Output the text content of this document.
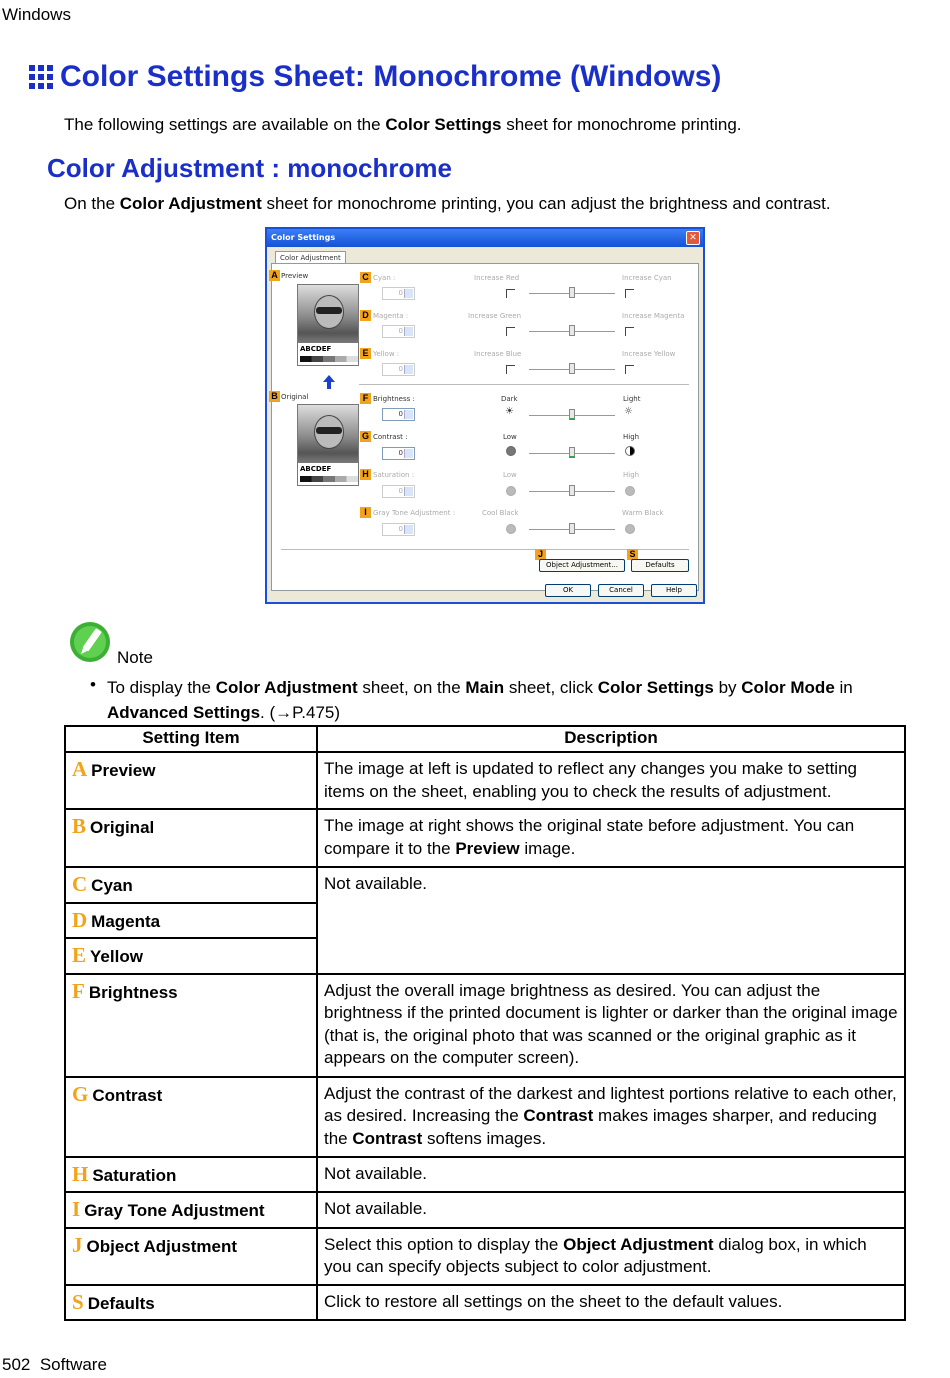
Windows
Color Settings Sheet: Monochrome (Windows)
The following settings are available on the Color Settings sheet for monochrome printing.
Color Adjustment : monochrome
On the Color Adjustment sheet for monochrome printing, you can adjust the brightness and contrast.
Color Settings	✕
Color Adjustment
A Preview
ABCDEF
B Original
ABCDEF
C Cyan :
0
Increase Red	Increase Cyan
D Magenta :
0
Increase Green	Increase Magenta
E Yellow :
0
Increase Blue	Increase Yellow
F Brightness :
0
Dark	Light
☀	☼
G Contrast :
0
Low	High
H Saturation :
0
Low	High
I Gray Tone Adjustment :
0
Cool Black	Warm Black
J	S
Object Adjustment...	Defaults
OK	Cancel	Help
Note
• To display the Color Adjustment sheet, on the Main sheet, click Color Settings by Color Mode in Advanced Settings. (→P.475)
Setting Item	Description
A Preview	The image at left is updated to reflect any changes you make to setting items on the sheet, enabling you to check the results of adjustment.
B Original	The image at right shows the original state before adjustment. You can compare it to the Preview image.
C Cyan	Not available.
D Magenta	
E Yellow	
F Brightness	Adjust the overall image brightness as desired. You can adjust the brightness if the printed document is lighter or darker than the original image (that is, the original photo that was scanned or the original graphic as it appears on the computer screen).
G Contrast	Adjust the contrast of the darkest and lightest portions relative to each other, as desired. Increasing the Contrast makes images sharper, and reducing the Contrast softens images.
H Saturation	Not available.
I Gray Tone Adjustment	Not available.
J Object Adjustment	Select this option to display the Object Adjustment dialog box, in which you can specify objects subject to color adjustment.
S Defaults	Click to restore all settings on the sheet to the default values.
502 Software
